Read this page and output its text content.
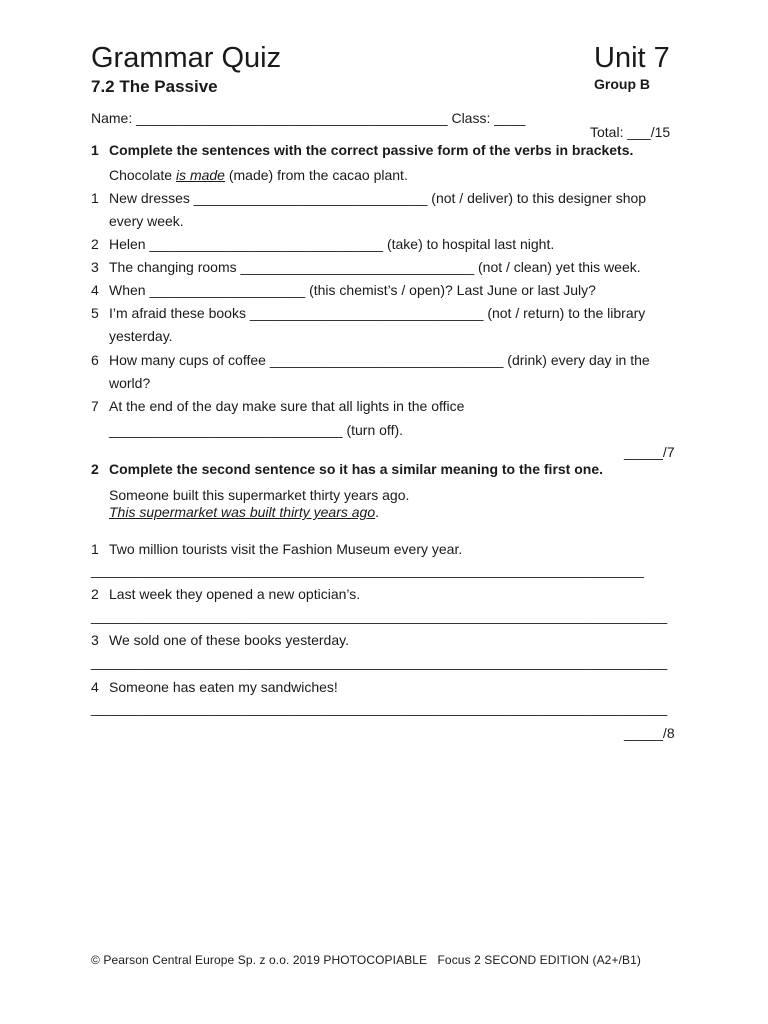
Grammar Quiz	Unit 7
7.2 The Passive	Group B
Name: ________________________________________ Class: ____
Total: ___/15
1 Complete the sentences with the correct passive form of the verbs in brackets.
Chocolate is made (made) from the cacao plant.
1 New dresses ______________________________ (not / deliver) to this designer shop
every week.
2 Helen ______________________________ (take) to hospital last night.
3 The changing rooms ______________________________ (not / clean) yet this week.
4 When ____________________ (this chemist’s / open)? Last June or last July?
5 I’m afraid these books ______________________________ (not / return) to the library
yesterday.
6 How many cups of coffee ______________________________ (drink) every day in the
world?
7 At the end of the day make sure that all lights in the office
______________________________ (turn off).
_____/7
2 Complete the second sentence so it has a similar meaning to the first one.
Someone built this supermarket thirty years ago.
This supermarket was built thirty years ago.
1 Two million tourists visit the Fashion Museum every year.
_______________________________________________________________________
2 Last week they opened a new optician’s.
__________________________________________________________________________
3 We sold one of these books yesterday.
__________________________________________________________________________
4 Someone has eaten my sandwiches!
__________________________________________________________________________
_____/8
© Pearson Central Europe Sp. z o.o. 2019 PHOTOCOPIABLE   Focus 2 SECOND EDITION (A2+/B1)
